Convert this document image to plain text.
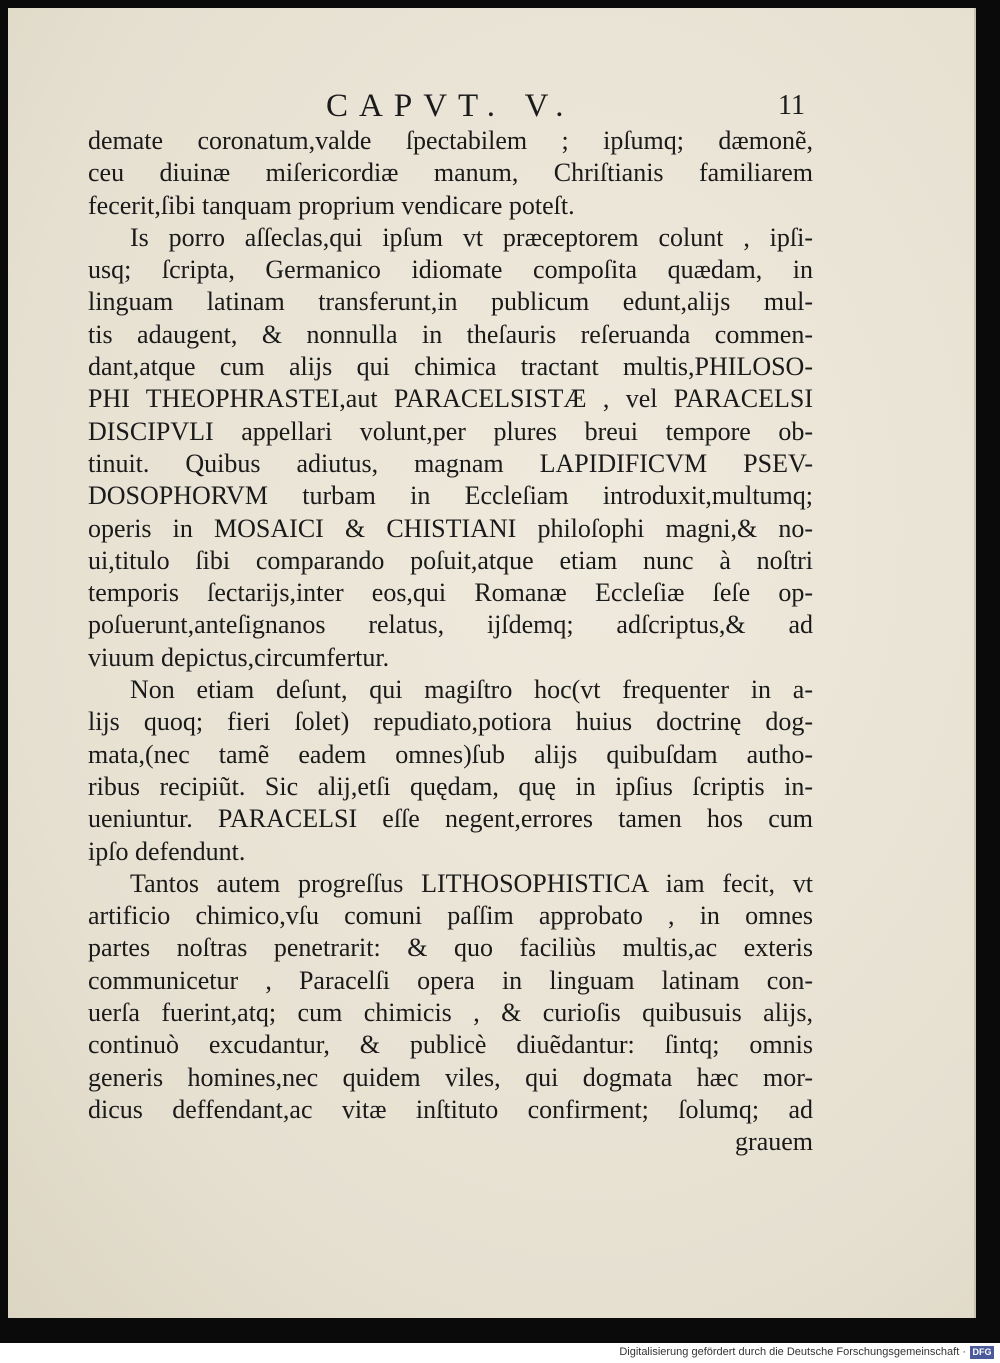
CAPVT. V.	11
demate coronatum,valde ſpectabilem ; ipſumq; dæmonẽ,
ceu diuinæ miſericordiæ manum, Chriſtianis familiarem
fecerit,ſibi tanquam proprium vendicare poteſt.
Is porro aſſeclas,qui ipſum vt præceptorem colunt , ipſi-
usq; ſcripta, Germanico idiomate compoſita quædam, in
linguam latinam transferunt,in publicum edunt,alijs mul-
tis adaugent, & nonnulla in theſauris reſeruanda commen-
dant,atque cum alijs qui chimica tractant multis,PHILOSO-
PHI THEOPHRASTEI,aut PARACELSISTÆ , vel PARACELSI
DISCIPVLI appellari volunt,per plures breui tempore ob-
tinuit. Quibus adiutus, magnam LAPIDIFICVM PSEV-
DOSOPHORVM turbam in Eccleſiam introduxit,multumq;
operis in MOSAICI & CHISTIANI philoſophi magni,& no-
ui,titulo ſibi comparando poſuit,atque etiam nunc à noſtri
temporis ſectarijs,inter eos,qui Romanæ Eccleſiæ ſeſe op-
poſuerunt,anteſignanos relatus, ijſdemq; adſcriptus,& ad
viuum depictus,circumfertur.
Non etiam deſunt, qui magiſtro hoc(vt frequenter in a-
lijs quoq; fieri ſolet) repudiato,potiora huius doctrinę dog-
mata,(nec tamẽ eadem omnes)ſub alijs quibuſdam autho-
ribus recipiũt. Sic alij,etſi quędam, quę in ipſius ſcriptis in-
ueniuntur. PARACELSI eſſe negent,errores tamen hos cum
ipſo defendunt.
Tantos autem progreſſus LITHOSOPHISTICA iam fecit, vt
artificio chimico,vſu comuni paſſim approbato , in omnes
partes noſtras penetrarit: & quo faciliùs multis,ac exteris
communicetur , Paracelſi opera in linguam latinam con-
uerſa fuerint,atq; cum chimicis , & curioſis quibusuis alijs,
continuò excudantur, & publicè diuẽdantur: ſintq; omnis
generis homines,nec quidem viles, qui dogmata hæc mor-
dicus deffendant,ac vitæ inſtituto confirment; ſolumq; ad
grauem
Digitalisierung gefördert durch die Deutsche Forschungsgemeinschaft · DFG
